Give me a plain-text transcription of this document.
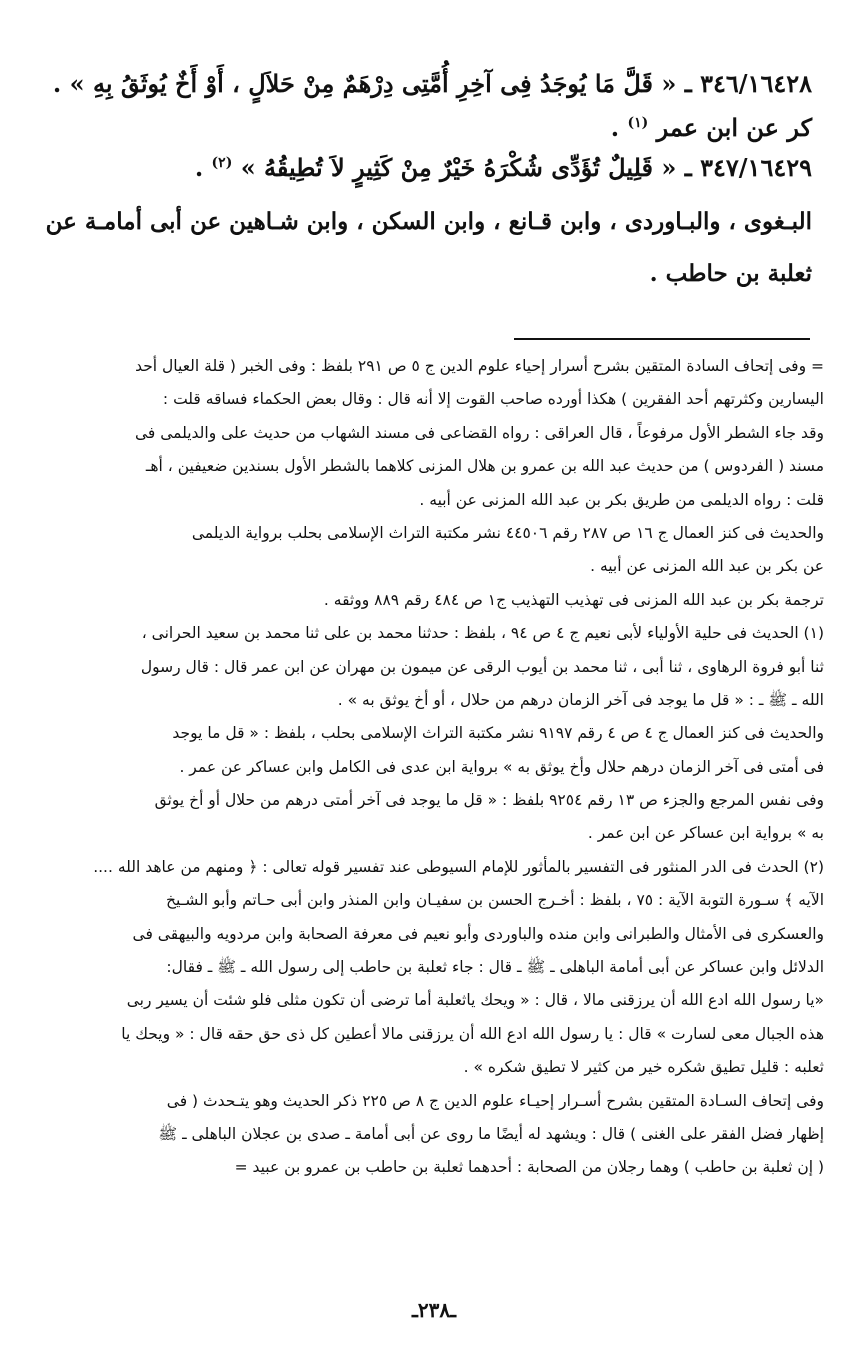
٣٤٦/١٦٤٢٨ ـ « قَلَّ مَا يُوجَدُ فِى آخِرِ أُمَّتِى دِرْهَمٌ مِنْ حَلاَلٍ ، أَوْ أَخٌ يُوثَقُ بِهِ » .
كر عن ابن عمر $^{(١)}$ .
٣٤٧/١٦٤٢٩ ـ « قَلِيلٌ تُؤَدِّى شُكْرَهُ خَيْرٌ مِنْ كَثِيرٍ لاَ تُطِيقُهُ » $^{(٢)}$ .
البـغوى ، والبـاوردى ، وابن قـانع ، وابن السكن ، وابن شـاهين عن أبى أمامـة عن
ثعلبة بن حاطب .
= وفى إتحاف السادة المتقين بشرح أسرار إحياء علوم الدين ج ٥ ص ٢٩١ بلفظ : وفى الخبر ( قلة العيال أحد
اليسارين وكثرتهم أحد الفقرين ) هكذا أورده صاحب القوت إلا أنه قال : وقال بعض الحكماء فساقه قلت :
وقد جاء الشطر الأول مرفوعاً ، قال العراقى : رواه القضاعى فى مسند الشهاب من حديث على والديلمى فى
مسند ( الفردوس ) من حديث عبد الله بن عمرو بن هلال المزنى كلاهما بالشطر الأول بسندين ضعيفين ، أهـ
قلت : رواه الديلمى من طريق بكر بن عبد الله المزنى عن أبيه .
والحديث فى كنز العمال ج ١٦ ص ٢٨٧ رقم ٤٤٥٠٦ نشر مكتبة التراث الإسلامى بحلب برواية الديلمى
عن بكر بن عبد الله المزنى عن أبيه .
ترجمة بكر بن عبد الله المزنى فى تهذيب التهذيب ج١ ص ٤٨٤ رقم ٨٨٩ ووثقه .
(١) الحديث فى حلية الأولياء لأبى نعيم ج ٤ ص ٩٤ ، بلفظ : حدثنا محمد بن على ثنا محمد بن سعيد الحرانى ،
ثنا أبو فروة الرهاوى ، ثنا أبى ، ثنا محمد بن أيوب الرقى عن ميمون بن مهران عن ابن عمر قال : قال رسول
الله ـ ﷺ ـ : « قل ما يوجد فى آخر الزمان درهم من حلال ، أو أخ يوثق به » .
والحديث فى كنز العمال ج ٤ ص ٤ رقم ٩١٩٧ نشر مكتبة التراث الإسلامى بحلب ، بلفظ : « قل ما يوجد
فى أمتى فى آخر الزمان درهم حلال وأخ يوثق به » برواية ابن عدى فى الكامل وابن عساكر عن عمر .
وفى نفس المرجع والجزء ص ١٣ رقم ٩٢٥٤ بلفظ : « قل ما يوجد فى آخر أمتى درهم من حلال أو أخ يوثق
به » برواية ابن عساكر عن ابن عمر .
(٢) الحدث فى الدر المنثور فى التفسير بالمأثور للإمام السيوطى عند تفسير قوله تعالى : ﴿ ومنهم من عاهد الله ....
الآيه ﴾ سـورة التوبة الآية : ٧٥ ، بلفظ : أخـرج الحسن بن سفيـان وابن المنذر وابن أبى حـاتم وأبو الشـيخ
والعسكرى فى الأمثال والطبرانى وابن منده والباوردى وأبو نعيم فى معرفة الصحابة وابن مردويه والبيهقى فى
الدلائل وابن عساكر عن أبى أمامة الباهلى ـ ﷺ ـ قال : جاء ثعلبة بن حاطب إلى رسول الله ـ ﷺ ـ فقال:
«يا رسول الله ادع الله أن يرزقنى مالا ، قال : « ويحك ياثعلبة أما ترضى أن تكون مثلى فلو شئت أن يسير ربى
هذه الجبال معى لسارت » قال : يا رسول الله ادع الله أن يرزقنى مالا أعطين كل ذى حق حقه قال : « ويحك يا
ثعلبه : قليل تطيق شكره خير من كثير لا تطيق شكره » .
وفى إتحاف السـادة المتقين بشرح أسـرار إحيـاء علوم الدين ج ٨ ص ٢٢٥ ذكر الحديث وهو يتـحدث ( فى
إظهار فضل الفقر على الغنى ) قال : ويشهد له أيضًا ما روى عن أبى أمامة ـ صدى بن عجلان الباهلى ـ ﷺ
( إن ثعلبة بن حاطب ) وهما رجلان من الصحابة : أحدهما ثعلبة بن حاطب بن عمرو بن عبيد =
ـ٢٣٨ـ
